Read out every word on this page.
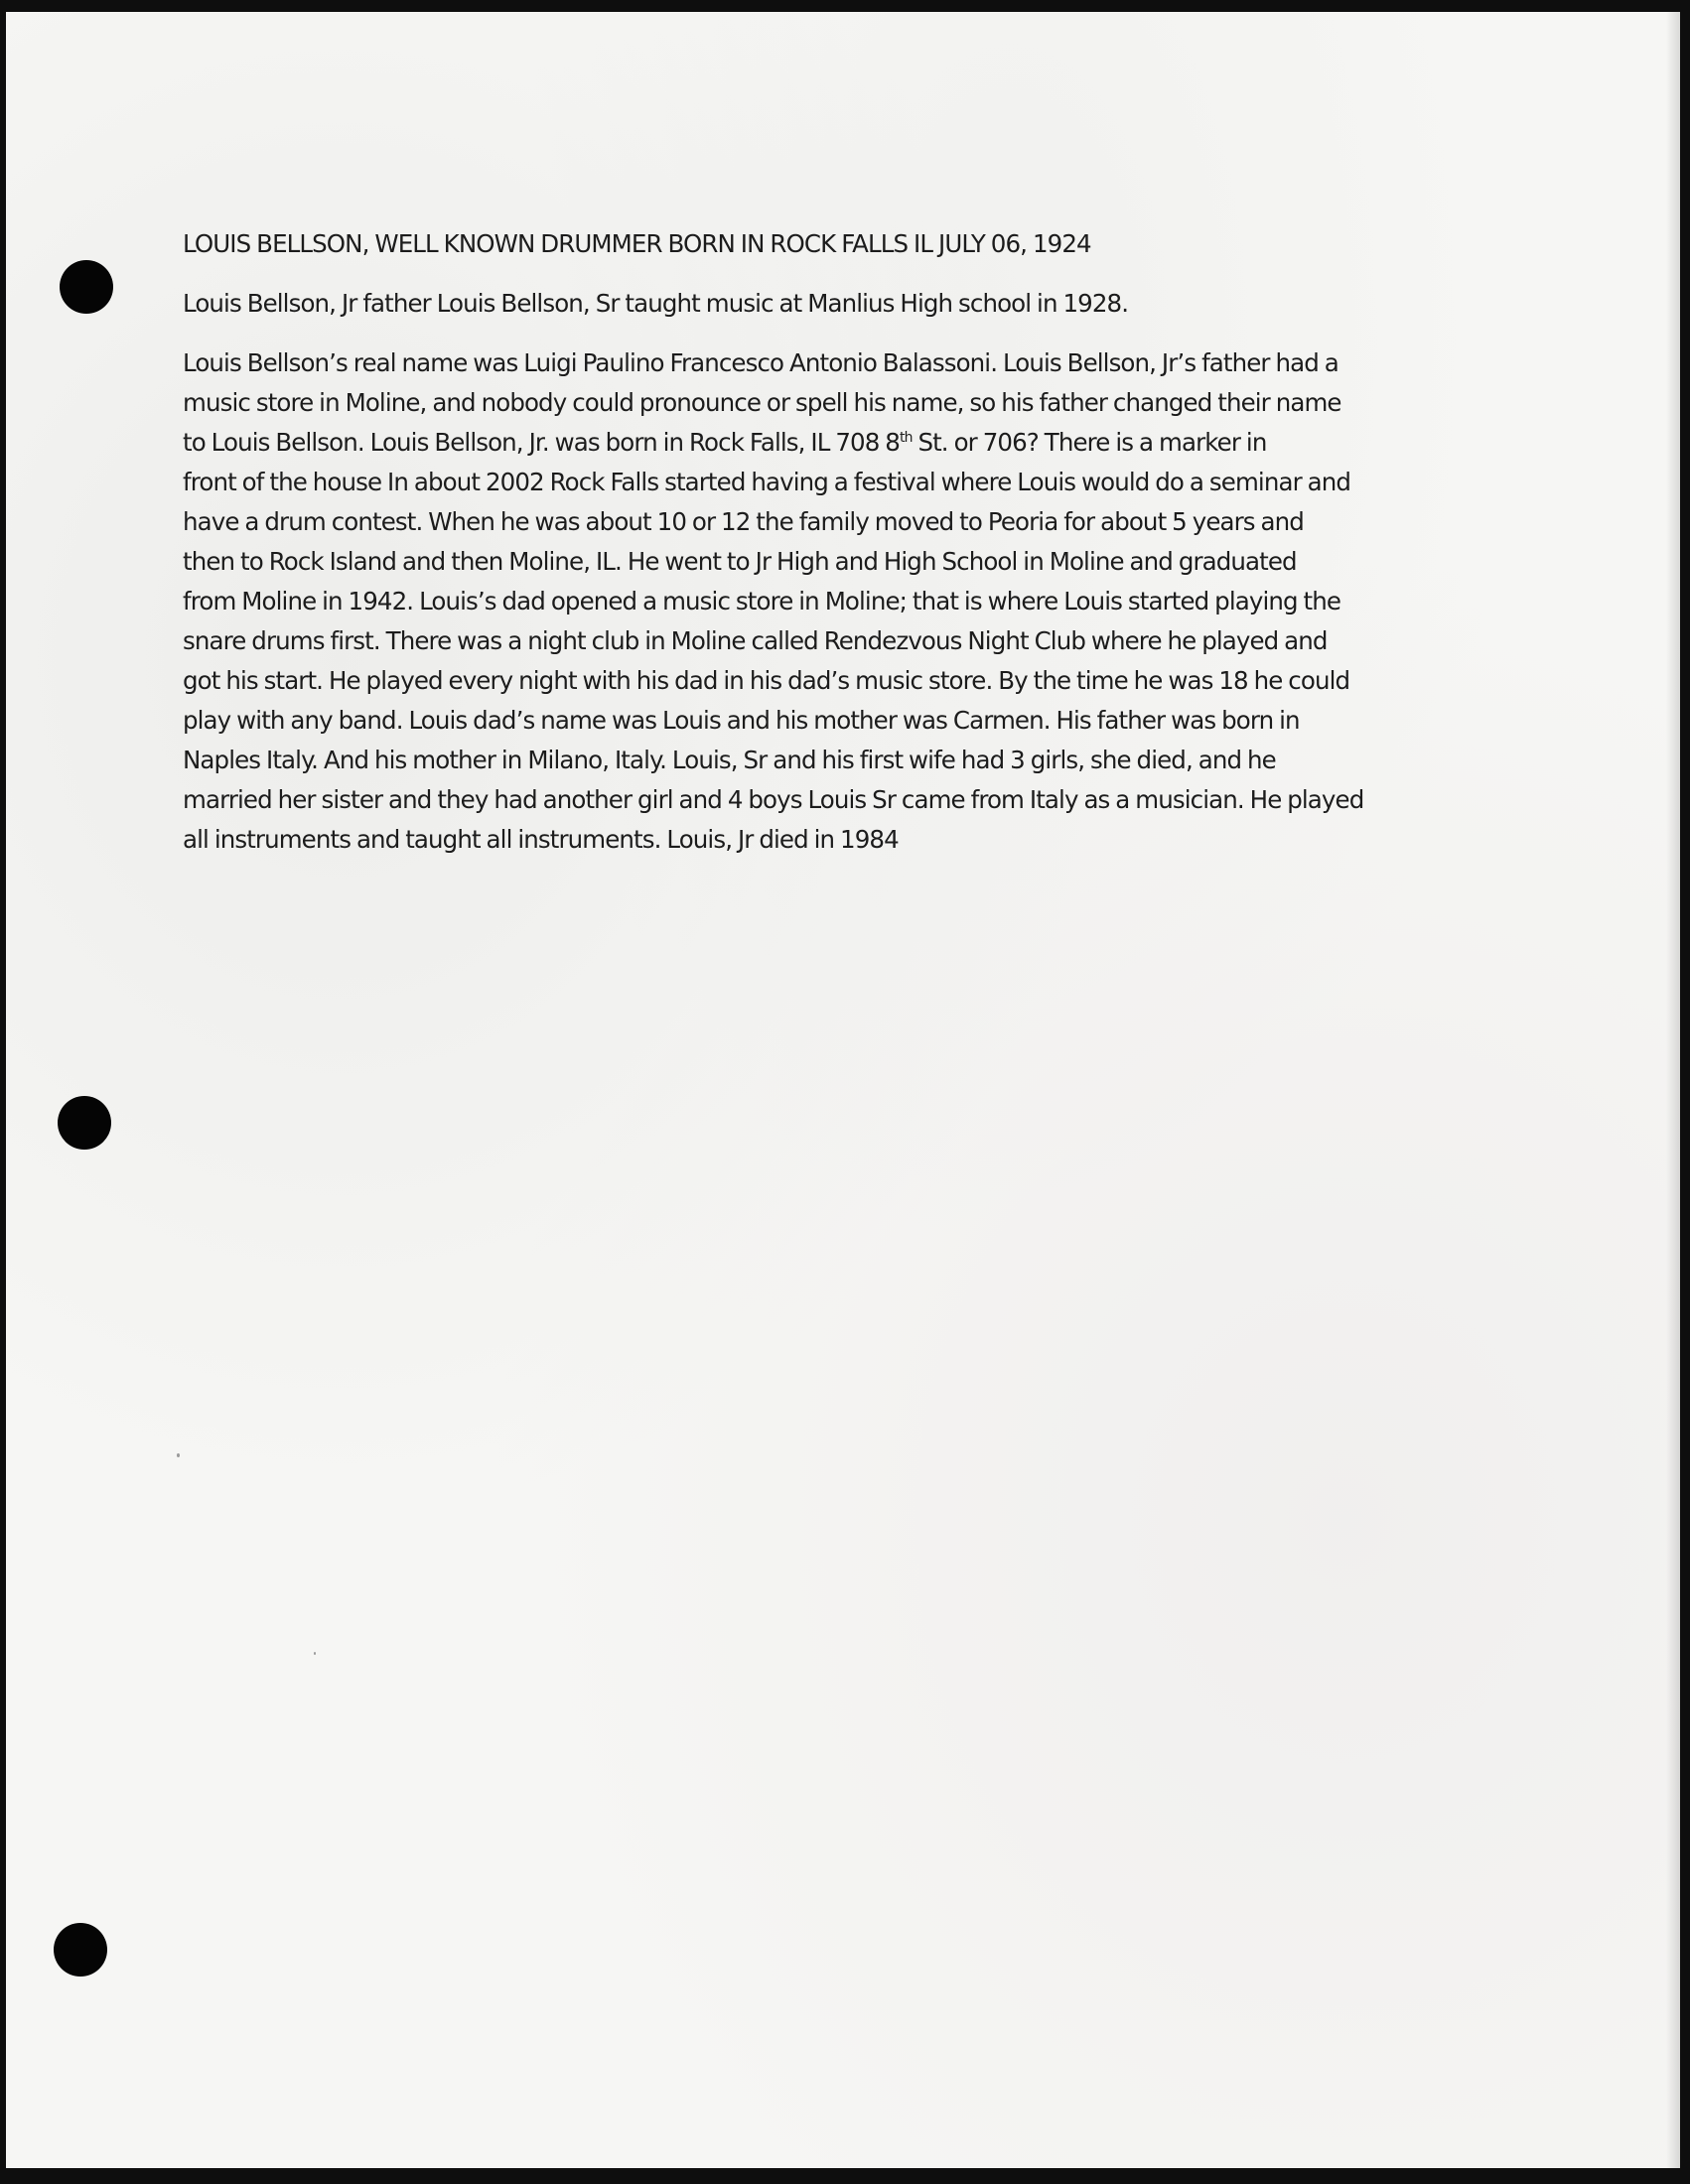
LOUIS BELLSON, WELL KNOWN DRUMMER BORN IN ROCK FALLS IL JULY 06, 1924

Louis Bellson, Jr father Louis Bellson, Sr taught music at Manlius High school in 1928.

Louis Bellson’s real name was Luigi Paulino Francesco Antonio Balassoni. Louis Bellson, Jr’s father had a

music store in Moline, and nobody could pronounce or spell his name, so his father changed their name

to Louis Bellson. Louis Bellson, Jr. was born in Rock Falls, IL 708 8th St. or 706? There is a marker in

front of the house In about 2002 Rock Falls started having a festival where Louis would do a seminar and

have a drum contest. When he was about 10 or 12 the family moved to Peoria for about 5 years and

then to Rock Island and then Moline, IL. He went to Jr High and High School in Moline and graduated

from Moline in 1942. Louis’s dad opened a music store in Moline; that is where Louis started playing the

snare drums first. There was a night club in Moline called Rendezvous Night Club where he played and

got his start. He played every night with his dad in his dad’s music store. By the time he was 18 he could

play with any band. Louis dad’s name was Louis and his mother was Carmen. His father was born in

Naples Italy. And his mother in Milano, Italy. Louis, Sr and his first wife had 3 girls, she died, and he

married her sister and they had another girl and 4 boys Louis Sr came from Italy as a musician. He played

all instruments and taught all instruments. Louis, Jr died in 1984
